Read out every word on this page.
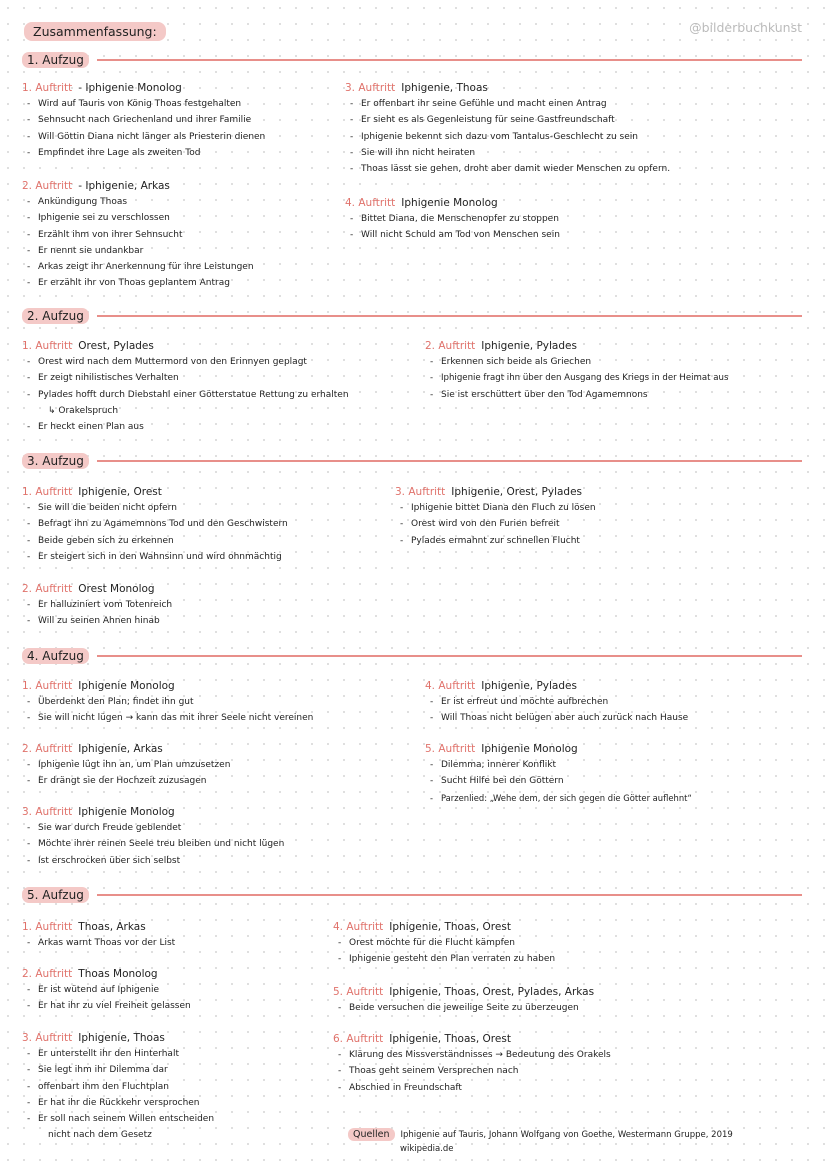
Zusammenfassung:	@bilderbuchkunst
1. Aufzug
1. Auftritt - Iphigenie Monolog
- Wird auf Tauris von König Thoas festgehalten
- Sehnsucht nach Griechenland und ihrer Familie
- Will Göttin Diana nicht länger als Priesterin dienen
- Empfindet ihre Lage als zweiten Tod
2. Auftritt - Iphigenie, Arkas
- Ankündigung Thoas
- Iphigenie sei zu verschlossen
- Erzählt ihm von ihrer Sehnsucht
- Er nennt sie undankbar
- Arkas zeigt ihr Anerkennung für ihre Leistungen
- Er erzählt ihr von Thoas geplantem Antrag
3. Auftritt Iphigenie, Thoas
- Er offenbart ihr seine Gefühle und macht einen Antrag
- Er sieht es als Gegenleistung für seine Gastfreundschaft
- Iphigenie bekennt sich dazu vom Tantalus-Geschlecht zu sein
- Sie will ihn nicht heiraten
- Thoas lässt sie gehen, droht aber damit wieder Menschen zu opfern.
4. Auftritt Iphigenie Monolog
- Bittet Diana, die Menschenopfer zu stoppen
- Will nicht Schuld am Tod von Menschen sein
2. Aufzug
1. Auftritt Orest, Pylades
- Orest wird nach dem Muttermord von den Erinnyen geplagt
- Er zeigt nihilistisches Verhalten
- Pylades hofft durch Diebstahl einer Götterstatue Rettung zu erhalten
↳ Orakelspruch
- Er heckt einen Plan aus
2. Auftritt Iphigenie, Pylades
- Erkennen sich beide als Griechen
- Iphigenie fragt ihn über den Ausgang des Kriegs in der Heimat aus
- Sie ist erschüttert über den Tod Agamemnons
3. Aufzug
1. Auftritt Iphigenie, Orest
- Sie will die beiden nicht opfern
- Befragt ihn zu Agamemnons Tod und den Geschwistern
- Beide geben sich zu erkennen
- Er steigert sich in den Wahnsinn und wird ohnmächtig
2. Auftritt Orest Monolog
- Er halluziniert vom Totenreich
- Will zu seinen Ahnen hinab
3. Auftritt Iphigenie, Orest, Pylades
- Iphigenie bittet Diana den Fluch zu lösen
- Orest wird von den Furien befreit
- Pylades ermahnt zur schnellen Flucht
4. Aufzug
1. Auftritt Iphigenie Monolog
- Überdenkt den Plan; findet ihn gut
- Sie will nicht lügen → kann das mit ihrer Seele nicht vereinen
2. Auftritt Iphigenie, Arkas
- Iphigenie lügt ihn an, um Plan umzusetzen
- Er drängt sie der Hochzeit zuzusagen
3. Auftritt Iphigenie Monolog
- Sie war durch Freude geblendet
- Möchte ihrer reinen Seele treu bleiben und nicht lügen
- Ist erschrocken über sich selbst
4. Auftritt Iphigenie, Pylades
- Er ist erfreut und möchte aufbrechen
- Will Thoas nicht belügen aber auch zurück nach Hause
5. Auftritt Iphigenie Monolog
- Dilemma; innerer Konflikt
- Sucht Hilfe bei den Göttern
- Parzenlied: „Wehe dem, der sich gegen die Götter auflehnt“
5. Aufzug
1. Auftritt Thoas, Arkas
- Arkas warnt Thoas vor der List
2. Auftritt Thoas Monolog
- Er ist wütend auf Iphigenie
- Er hat ihr zu viel Freiheit gelassen
3. Auftritt Iphigenie, Thoas
- Er unterstellt ihr den Hinterhalt
- Sie legt ihm ihr Dilemma dar
- offenbart ihm den Fluchtplan
- Er hat ihr die Rückkehr versprochen
- Er soll nach seinem Willen entscheiden
nicht nach dem Gesetz
4. Auftritt Iphigenie, Thoas, Orest
- Orest möchte für die Flucht kämpfen
- Iphigenie gesteht den Plan verraten zu haben
5. Auftritt Iphigenie, Thoas, Orest, Pylades, Arkas
- Beide versuchen die jeweilige Seite zu überzeugen
6. Auftritt Iphigenie, Thoas, Orest
- Klärung des Missverständnisses → Bedeutung des Orakels
- Thoas geht seinem Versprechen nach
- Abschied in Freundschaft
Quellen Iphigenie auf Tauris, Johann Wolfgang von Goethe, Westermann Gruppe, 2019
wikipedia.de
